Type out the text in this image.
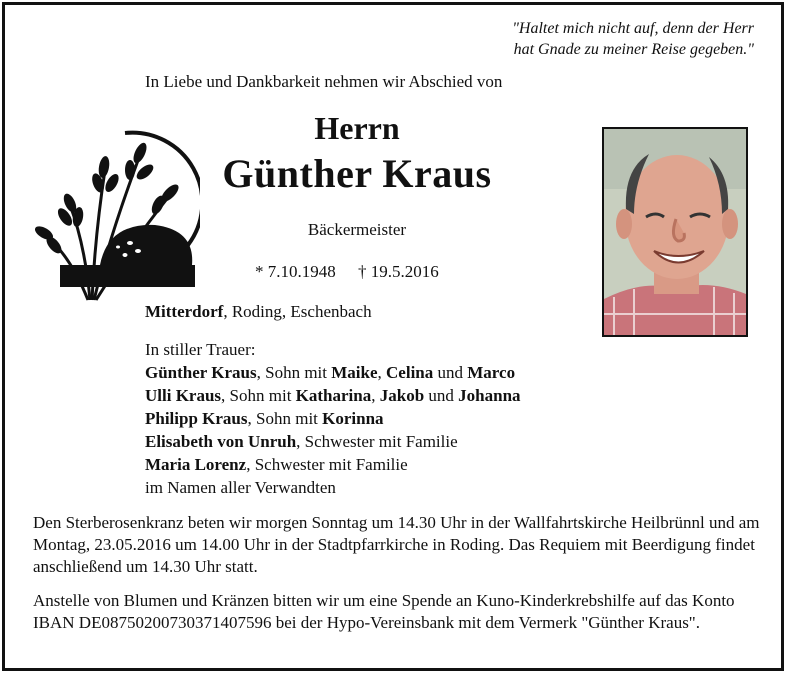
"Haltet mich nicht auf, denn der Herr
hat Gnade zu meiner Reise gegeben."
In Liebe und Dankbarkeit nehmen wir Abschied von
Herrn
Günther Kraus
Bäckermeister
* 7.10.1948 † 19.5.2016
Mitterdorf, Roding, Eschenbach
In stiller Trauer:
Günther Kraus, Sohn mit Maike, Celina und Marco
Ulli Kraus, Sohn mit Katharina, Jakob und Johanna
Philipp Kraus, Sohn mit Korinna
Elisabeth von Unruh, Schwester mit Familie
Maria Lorenz, Schwester mit Familie
im Namen aller Verwandten
Den Sterberosenkranz beten wir morgen Sonntag um 14.30 Uhr in der Wallfahrtskirche Heilbrünnl und am Montag, 23.05.2016 um 14.00 Uhr in der Stadtpfarrkirche in Roding. Das Requiem mit Beerdigung findet anschließend um 14.30 Uhr statt.
Anstelle von Blumen und Kränzen bitten wir um eine Spende an Kuno-Kinderkrebshilfe auf das Konto IBAN DE08750200730371407596 bei der Hypo-Vereinsbank mit dem Vermerk "Günther Kraus".
